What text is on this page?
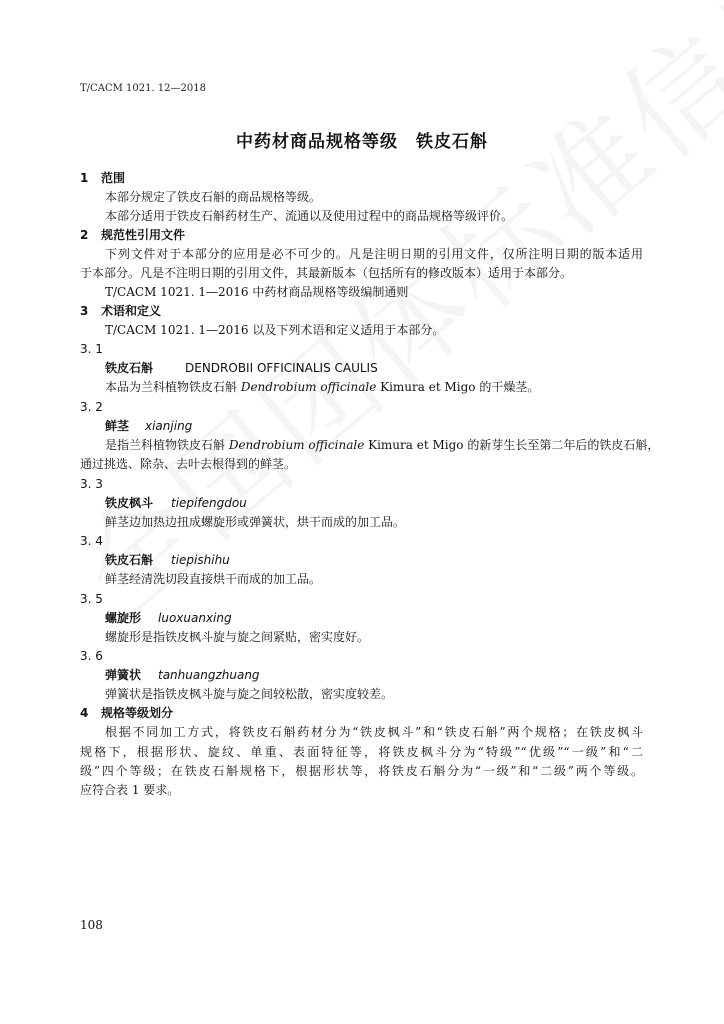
T/CACM 1021. 12—2018
中药材商品规格等级　铁皮石斛
1 范围
本部分规定了铁皮石斛的商品规格等级。
本部分适用于铁皮石斛药材生产、流通以及使用过程中的商品规格等级评价。
2 规范性引用文件
下列文件对于本部分的应用是必不可少的。凡是注明日期的引用文件，仅所注明日期的版本适用
于本部分。凡是不注明日期的引用文件，其最新版本（包括所有的修改版本）适用于本部分。
T/CACM 1021. 1—2016 中药材商品规格等级编制通则
3 术语和定义
T/CACM 1021. 1—2016 以及下列术语和定义适用于本部分。
3. 1
铁皮石斛	DENDROBII OFFICINALIS CAULIS
本品为兰科植物铁皮石斛 Dendrobium officinale Kimura et Migo 的干燥茎。
3. 2
鲜茎 xianjing
是指兰科植物铁皮石斛 Dendrobium officinale Kimura et Migo 的新芽生长至第二年后的铁皮石斛，
通过挑选、除杂、去叶去根得到的鲜茎。
3. 3
铁皮枫斗 tiepifengdou
鲜茎边加热边扭成螺旋形或弹簧状，烘干而成的加工品。
3. 4
铁皮石斛 tiepishihu
鲜茎经清洗切段直接烘干而成的加工品。
3. 5
螺旋形 luoxuanxing
螺旋形是指铁皮枫斗旋与旋之间紧贴，密实度好。
3. 6
弹簧状 tanhuangzhuang
弹簧状是指铁皮枫斗旋与旋之间较松散，密实度较差。
4 规格等级划分
根据不同加工方式，将铁皮石斛药材分为“铁皮枫斗”和“铁皮石斛”两个规格；在铁皮枫斗
规格下，根据形状、旋纹、单重、表面特征等，将铁皮枫斗分为“特级”“优级”“一级”和“二
级”四个等级；在铁皮石斛规格下，根据形状等，将铁皮石斛分为“一级”和“二级”两个等级。
应符合表 1 要求。
108
